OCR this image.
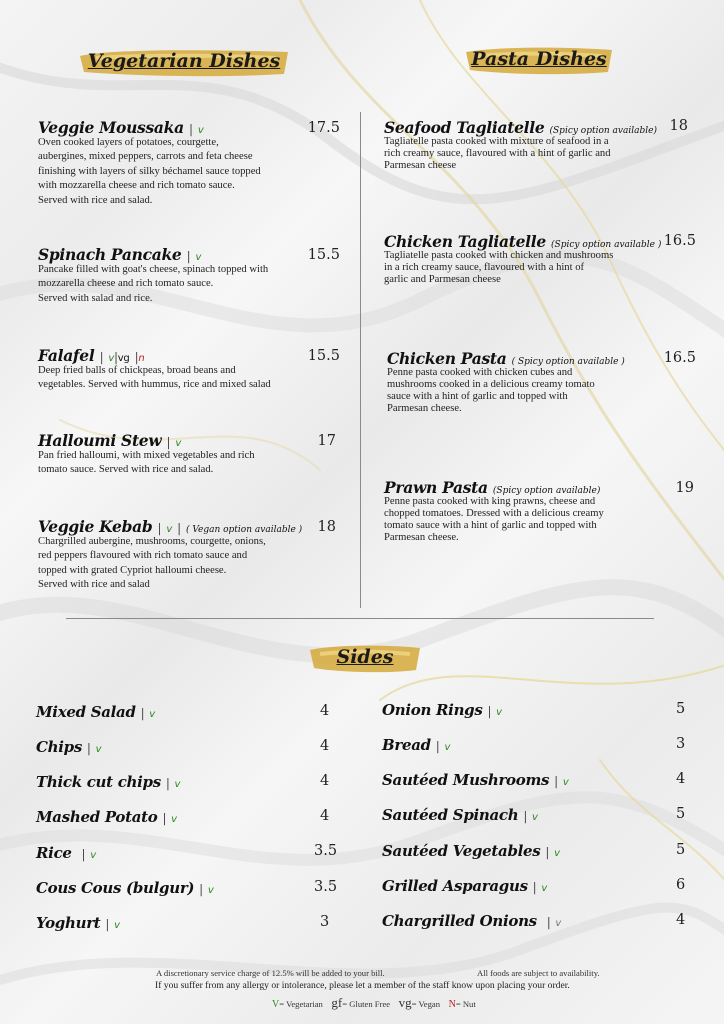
Vegetarian Dishes	Pasta Dishes
Sides
Veggie Moussaka | v
Oven cooked layers of potatoes, courgette,
aubergines, mixed peppers, carrots and feta cheese
finishing with layers of silky béchamel sauce topped
with mozzarella cheese and rich tomato sauce.
Served with rice and salad.
17.5
Spinach Pancake | v
Pancake filled with goat's cheese, spinach topped with
mozzarella cheese and rich tomato sauce.
Served with salad and rice.
15.5
Falafel | v|vg |n
Deep fried balls of chickpeas, broad beans and
vegetables. Served with hummus, rice and mixed salad
15.5
Halloumi Stew | v
Pan fried halloumi, with mixed vegetables and rich
tomato sauce. Served with rice and salad.
17
Veggie Kebab | v | ( Vegan option available )
Chargrilled aubergine, mushrooms, courgette, onions,
red peppers flavoured with rich tomato sauce and
topped with grated Cypriot halloumi cheese.
Served with rice and salad
18
Seafood Tagliatelle (Spicy option available)
Tagliatelle pasta cooked with mixture of seafood in a
rich creamy sauce, flavoured with a hint of garlic and
Parmesan cheese
18
Chicken Tagliatelle (Spicy option available )
Tagliatelle pasta cooked with chicken and mushrooms
in a rich creamy sauce, flavoured with a hint of
garlic and Parmesan cheese
16.5
Chicken Pasta ( Spicy option available )
Penne pasta cooked with chicken cubes and
mushrooms cooked in a delicious creamy tomato
sauce with a hint of garlic and topped with
Parmesan cheese.
16.5
Prawn Pasta (Spicy option available)
Penne pasta cooked with king prawns, cheese and
chopped tomatoes. Dressed with a delicious creamy
tomato sauce with a hint of garlic and topped with
Parmesan cheese.
19
Mixed Salad | v	4
Chips | v	4
Thick cut chips | v	4
Mashed Potato | v	4
Rice | v	3.5
Cous Cous (bulgur) | v	3.5
Yoghurt | v	3
Onion Rings | v	5
Bread | v	3
Sautéed Mushrooms | v	4
Sautéed Spinach | v	5
Sautéed Vegetables | v	5
Grilled Asparagus | v	6
Chargrilled Onions | v	4
A discretionary service charge of 12.5% will be added to your bill.	All foods are subject to availability.
If you suffer from any allergy or intolerance, please let a member of the staff know upon placing your order.
V= Vegetarian gf= Gluten Free vg= Vegan N= Nut
